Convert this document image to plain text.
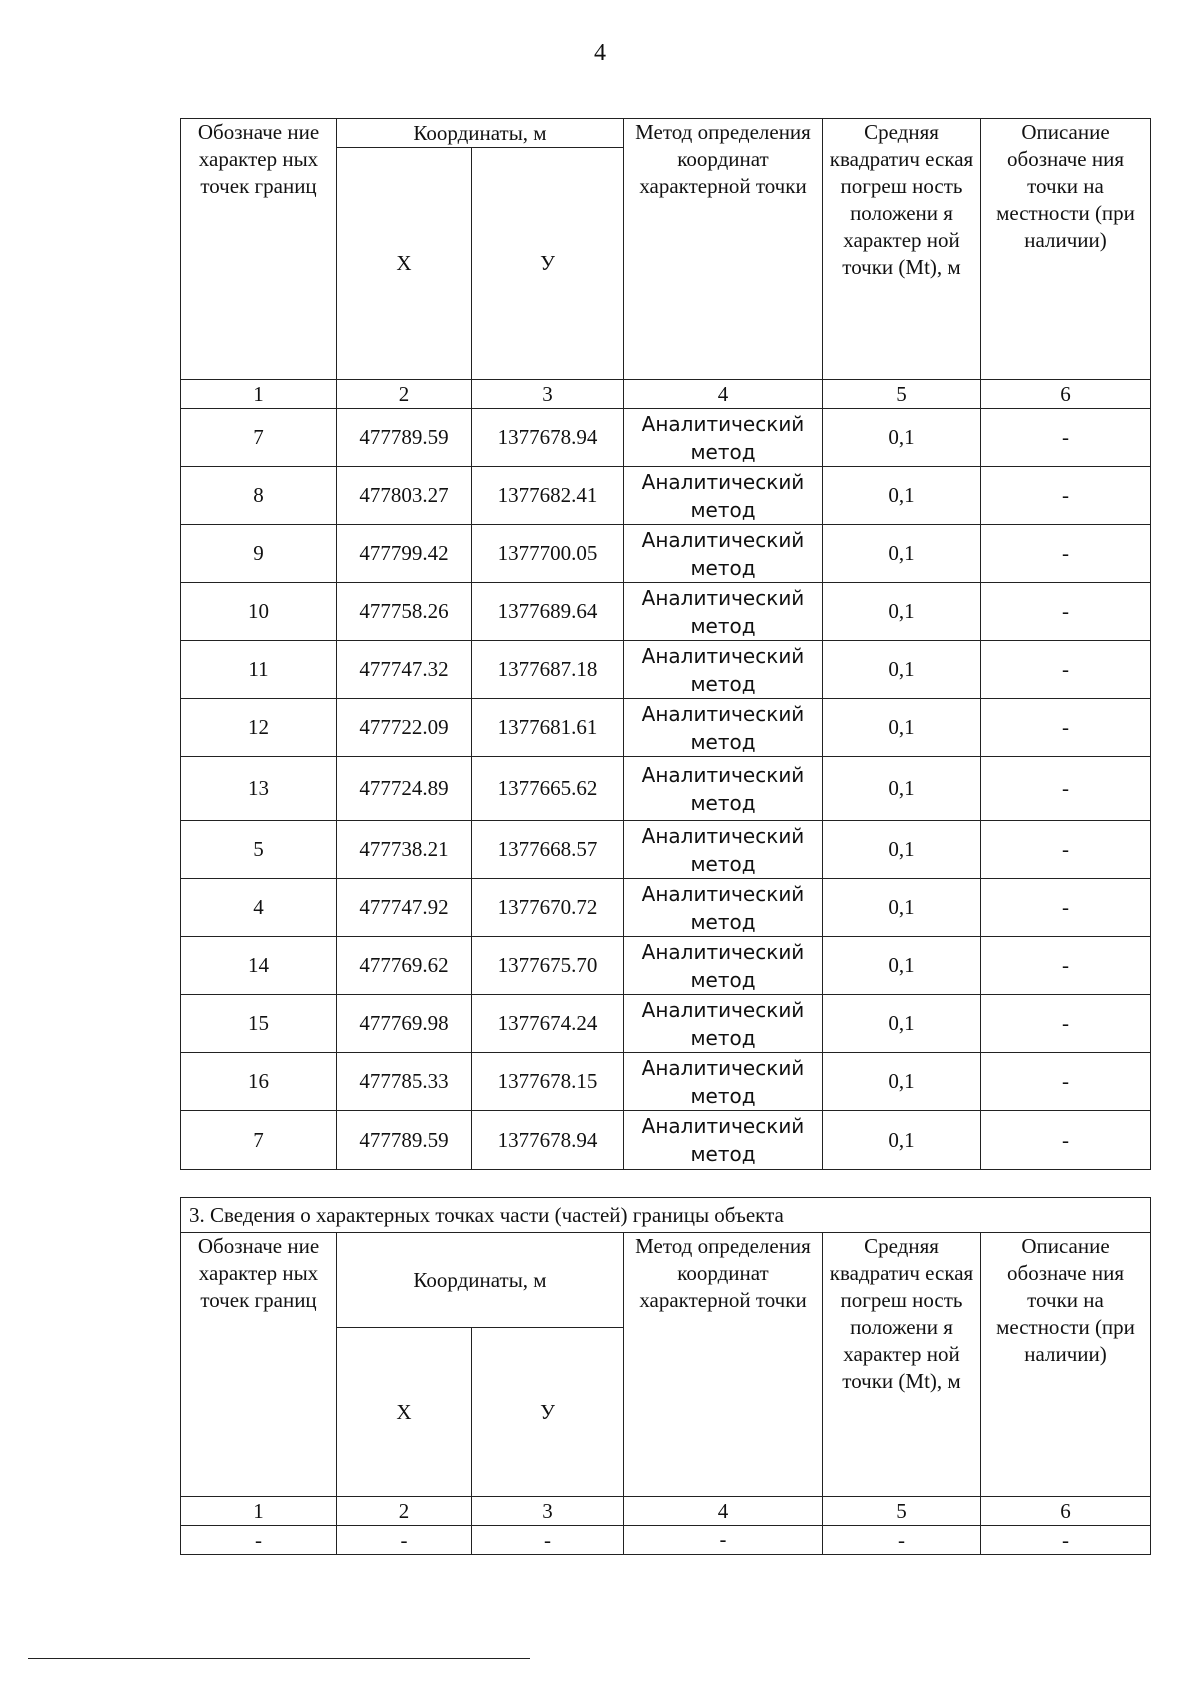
4
Обозначе ние характер ных точек границ	Координаты, м		Метод определения координат характерной точки	Средняя квадратич еская погреш ность положени я характер ной точки (Mt), м	Описание обозначе ния точки на местности (при наличии)
	X	У			
1	2	3	4	5	6
7	477789.59	1377678.94	Аналитический метод	0,1	-
8	477803.27	1377682.41	Аналитический метод	0,1	-
9	477799.42	1377700.05	Аналитический метод	0,1	-
10	477758.26	1377689.64	Аналитический метод	0,1	-
11	477747.32	1377687.18	Аналитический метод	0,1	-
12	477722.09	1377681.61	Аналитический метод	0,1	-
13	477724.89	1377665.62	Аналитический метод	0,1	-
5	477738.21	1377668.57	Аналитический метод	0,1	-
4	477747.92	1377670.72	Аналитический метод	0,1	-
14	477769.62	1377675.70	Аналитический метод	0,1	-
15	477769.98	1377674.24	Аналитический метод	0,1	-
16	477785.33	1377678.15	Аналитический метод	0,1	-
7	477789.59	1377678.94	Аналитический метод	0,1	-
3. Сведения о характерных точках части (частей) границы объекта					
Обозначе ние характер ных точек границ	Координаты, м		Метод определения координат характерной точки	Средняя квадратич еская погреш ность положени я характер ной точки (Mt), м	Описание обозначе ния точки на местности (при наличии)
	X	У			
1	2	3	4	5	6
-	-	-	-	-	-
